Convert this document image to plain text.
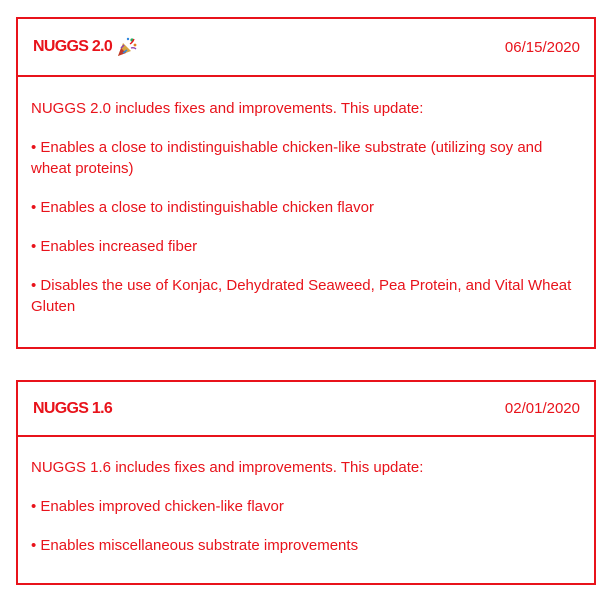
NUGGS 2.0	06/15/2020

NUGGS 2.0 includes fixes and improvements. This update:

• Enables a close to indistinguishable chicken-like substrate (utilizing soy and wheat proteins)

• Enables a close to indistinguishable chicken flavor

• Enables increased fiber

• Disables the use of Konjac, Dehydrated Seaweed, Pea Protein, and Vital Wheat Gluten

NUGGS 1.6	02/01/2020

NUGGS 1.6 includes fixes and improvements. This update:

• Enables improved chicken-like flavor

• Enables miscellaneous substrate improvements
